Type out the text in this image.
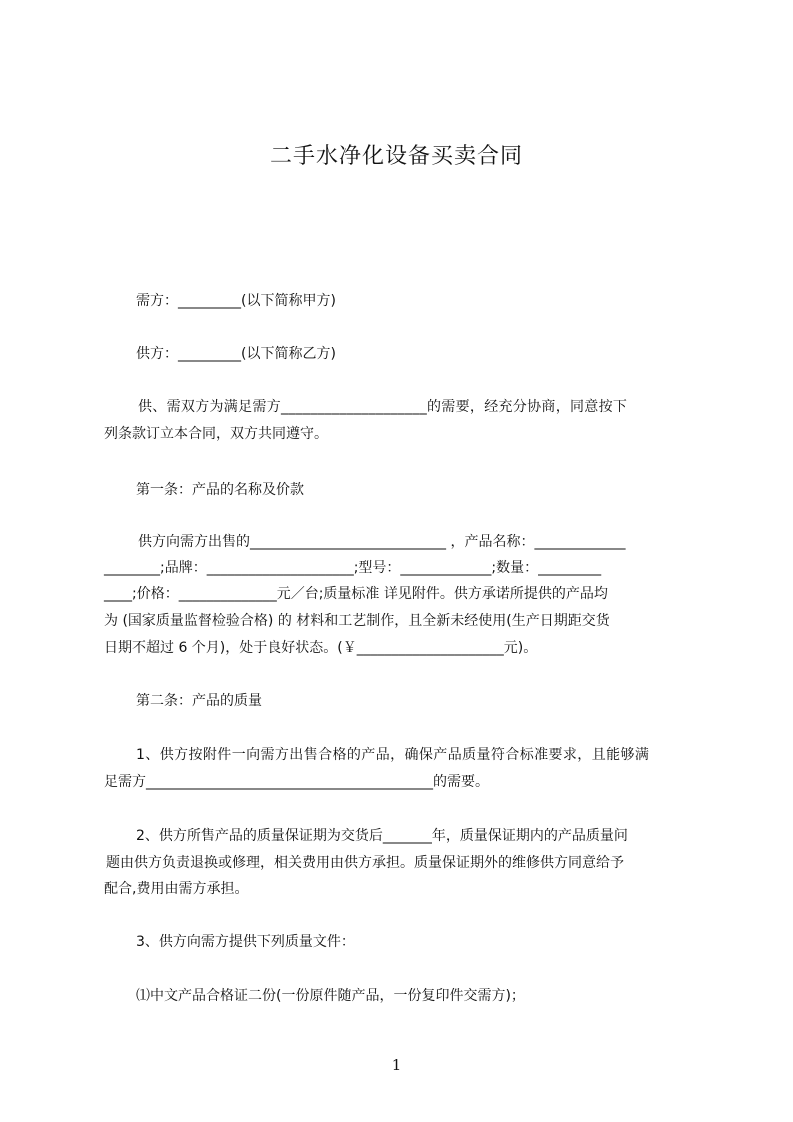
二手水净化设备买卖合同
需方：_________(以下简称甲方)
供方：_________(以下简称乙方)
供、需双方为满足需方____________________的需要，经充分协商，同意按下
列条款订立本合同，双方共同遵守。
第一条：产品的名称及价款
供方向需方出售的____________________________ ，产品名称：_____________
________;品牌：_____________________;型号：_____________;数量：_________
____;价格：______________元／台;质量标准 详见附件。供方承诺所提供的产品均
为 (国家质量监督检验合格) 的 材料和工艺制作，且全新未经使用(生产日期距交货
日期不超过 6 个月)，处于良好状态。(￥_____________________元)。
第二条：产品的质量
1、供方按附件一向需方出售合格的产品，确保产品质量符合标准要求，且能够满
足需方_________________________________________的需要。
2、供方所售产品的质量保证期为交货后_______年，质量保证期内的产品质量问
题由供方负责退换或修理，相关费用由供方承担。质量保证期外的维修供方同意给予
配合,费用由需方承担。
3、供方向需方提供下列质量文件：
⑴中文产品合格证二份(一份原件随产品，一份复印件交需方)；
1
